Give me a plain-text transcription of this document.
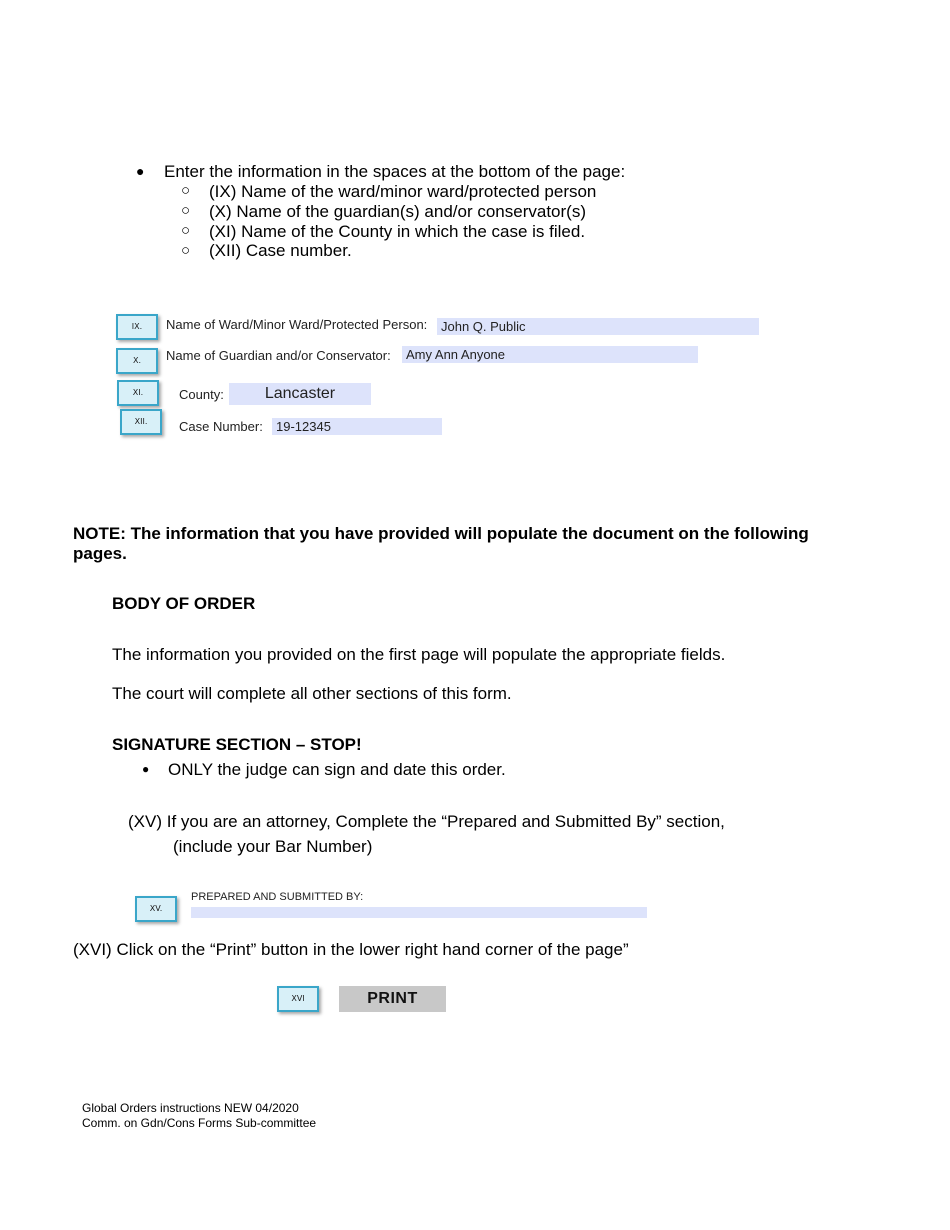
● Enter the information in the spaces at the bottom of the page:
○ (IX) Name of the ward/minor ward/protected person
○ (X) Name of the guardian(s) and/or conservator(s)
○ (XI) Name of the County in which the case is filed.
○ (XII) Case number.
IX.	Name of Ward/Minor Ward/Protected Person:	John Q. Public
X.	Name of Guardian and/or Conservator:	Amy Ann Anyone
XI.	County:	Lancaster
XII.	Case Number:	19-12345
NOTE: The information that you have provided will populate the document on the following
pages.
BODY OF ORDER
The information you provided on the first page will populate the appropriate fields.
The court will complete all other sections of this form.
SIGNATURE SECTION – STOP!
● ONLY the judge can sign and date this order.
(XV) If you are an attorney, Complete the “Prepared and Submitted By” section,
(include your Bar Number)
XV.
PREPARED AND SUBMITTED BY:
(XVI) Click on the “Print” button in the lower right hand corner of the page”
XVI	PRINT
Global Orders instructions NEW 04/2020
Comm. on Gdn/Cons Forms Sub-committee
